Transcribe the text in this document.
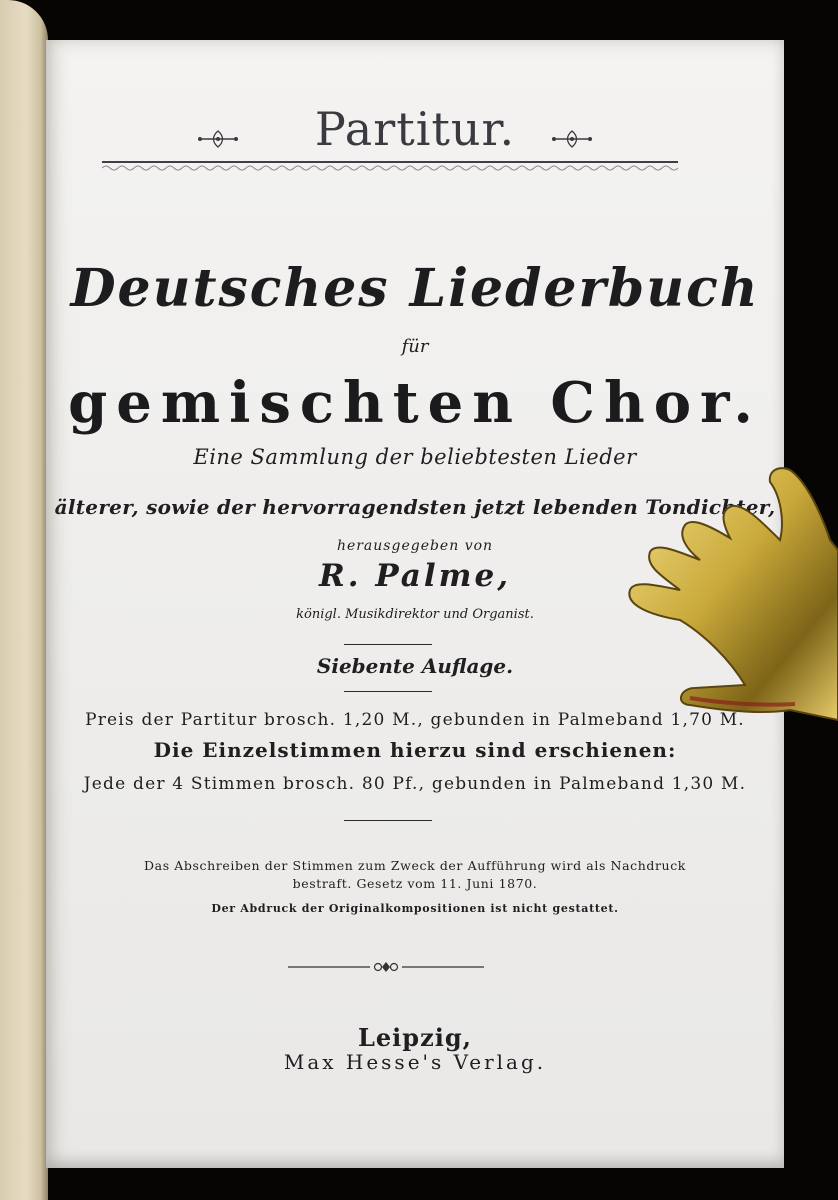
Partitur.
Deutsches Liederbuch
für
gemischten Chor.
Eine Sammlung der beliebtesten Lieder
älterer, sowie der hervorragendsten jetzt lebenden Tondichter,
herausgegeben von
R. Palme,
königl. Musikdirektor und Organist.
Siebente Auflage.
Preis der Partitur brosch. 1,20 M., gebunden in Palmeband 1,70 M.
Die Einzelstimmen hierzu sind erschienen:
Jede der 4 Stimmen brosch. 80 Pf., gebunden in Palmeband 1,30 M.
Das Abschreiben der Stimmen zum Zweck der Aufführung wird als Nachdruck
bestraft. Gesetz vom 11. Juni 1870.
Der Abdruck der Originalkompositionen ist nicht gestattet.
Leipzig,
Max Hesse's Verlag.
